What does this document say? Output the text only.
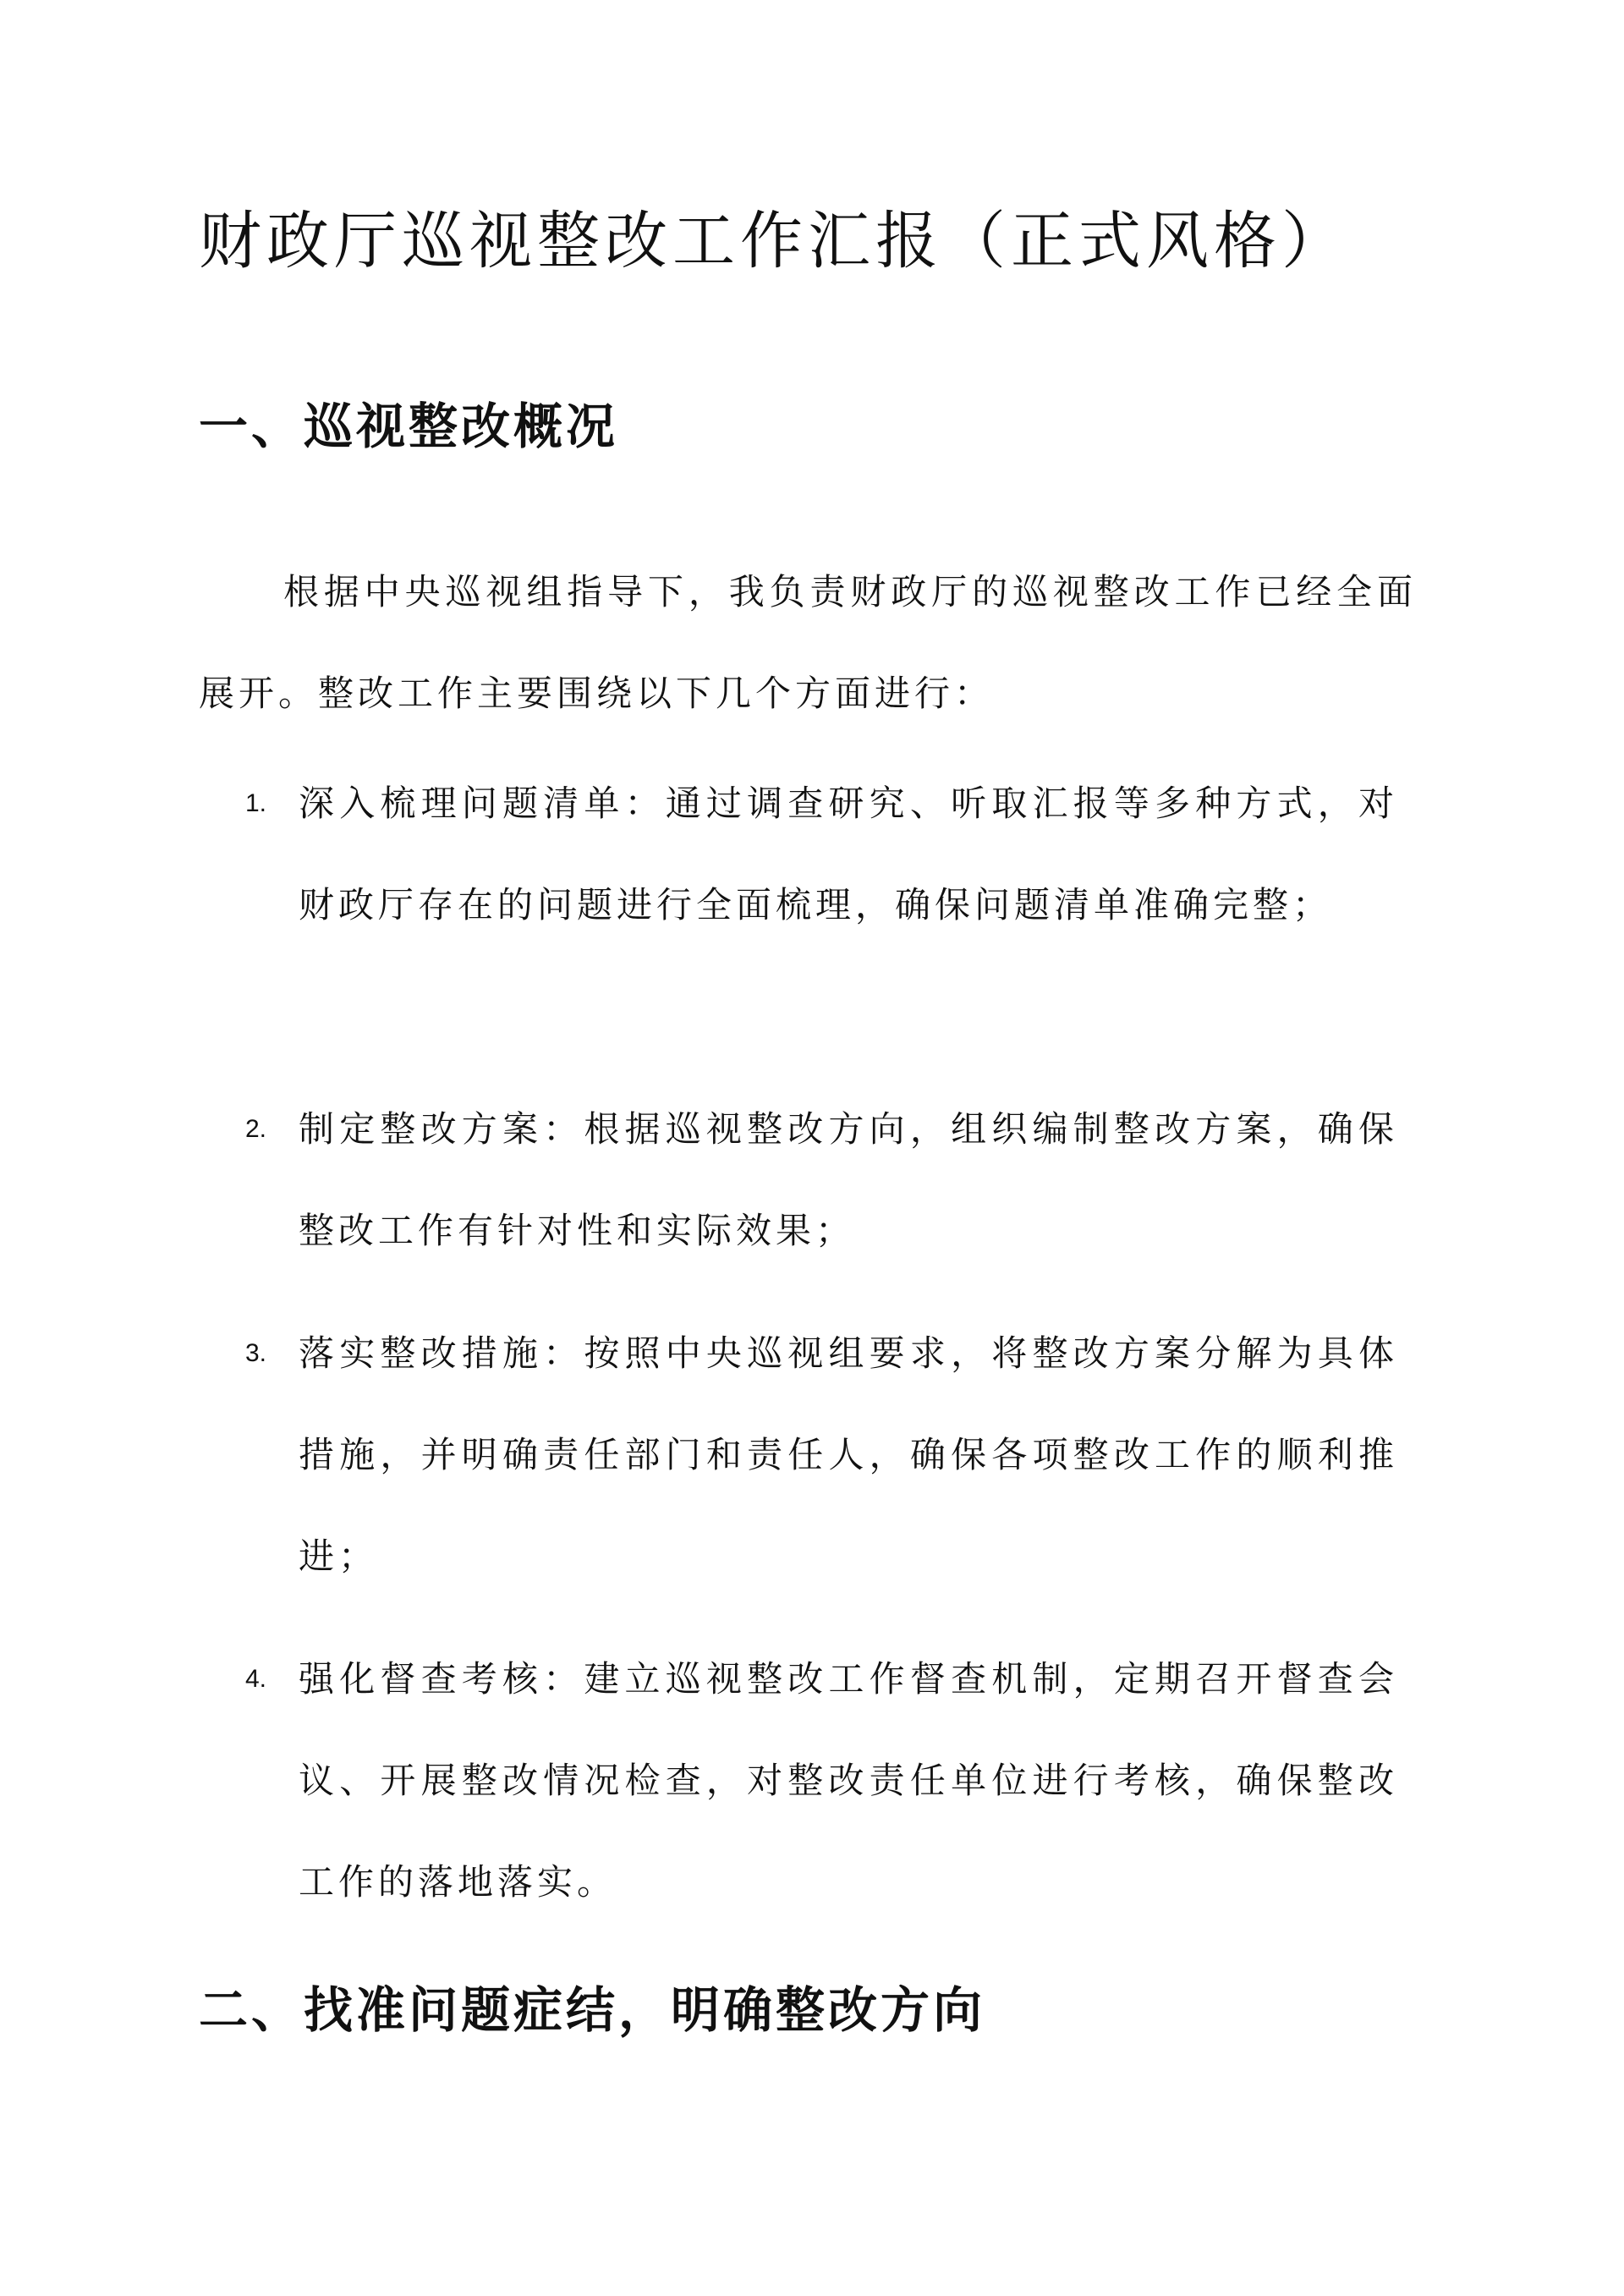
财政厅巡视整改工作汇报（正式风格）
一、巡视整改概况

根据中央巡视组指导下，我负责财政厅的巡视整改工作已经全面展开。整改工作主要围绕以下几个方面进行：

1. 深入梳理问题清单：通过调查研究、听取汇报等多种方式，对财政厅存在的问题进行全面梳理，确保问题清单准确完整；

2. 制定整改方案：根据巡视整改方向，组织编制整改方案，确保整改工作有针对性和实际效果；

3. 落实整改措施：按照中央巡视组要求，将整改方案分解为具体措施，并明确责任部门和责任人，确保各项整改工作的顺利推进；

4. 强化督查考核：建立巡视整改工作督查机制，定期召开督查会议、开展整改情况检查，对整改责任单位进行考核，确保整改工作的落地落实。

二、找准问题症结，明确整改方向
